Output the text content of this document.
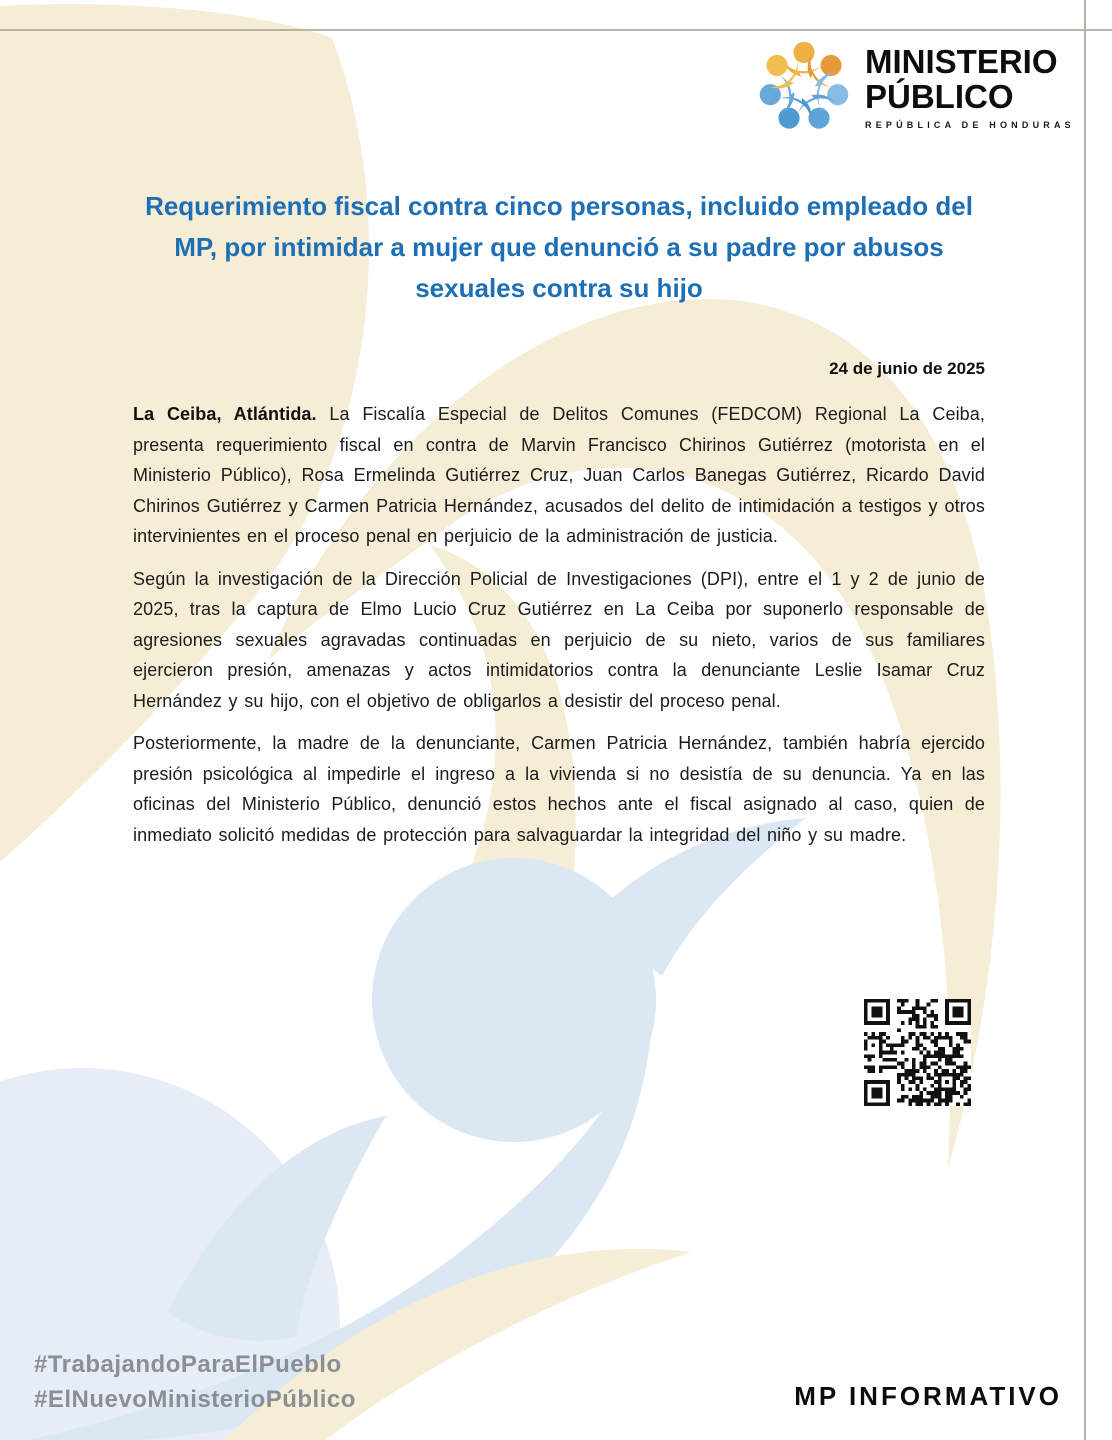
MINISTERIO
PÚBLICO
REPÚBLICA DE HONDURAS
Requerimiento fiscal contra cinco personas, incluido empleado del MP, por intimidar a mujer que denunció a su padre por abusos sexuales contra su hijo
24 de junio de 2025

La Ceiba, Atlántida. La Fiscalía Especial de Delitos Comunes (FEDCOM) Regional La Ceiba, presenta requerimiento fiscal en contra de Marvin Francisco Chirinos Gutiérrez (motorista en el Ministerio Público), Rosa Ermelinda Gutiérrez Cruz, Juan Carlos Banegas Gutiérrez, Ricardo David Chirinos Gutiérrez y Carmen Patricia Hernández, acusados del delito de intimidación a testigos y otros intervinientes en el proceso penal en perjuicio de la administración de justicia.

Según la investigación de la Dirección Policial de Investigaciones (DPI), entre el 1 y 2 de junio de 2025, tras la captura de Elmo Lucio Cruz Gutiérrez en La Ceiba por suponerlo responsable de agresiones sexuales agravadas continuadas en perjuicio de su nieto, varios de sus familiares ejercieron presión, amenazas y actos intimidatorios contra la denunciante Leslie Isamar Cruz Hernández y su hijo, con el objetivo de obligarlos a desistir del proceso penal.

Posteriormente, la madre de la denunciante, Carmen Patricia Hernández, también habría ejercido presión psicológica al impedirle el ingreso a la vivienda si no desistía de su denuncia. Ya en las oficinas del Ministerio Público, denunció estos hechos ante el fiscal asignado al caso, quien de inmediato solicitó medidas de protección para salvaguardar la integridad del niño y su madre.

#TrabajandoParaElPueblo
#ElNuevoMinisterioPúblico	MP INFORMATIVO
